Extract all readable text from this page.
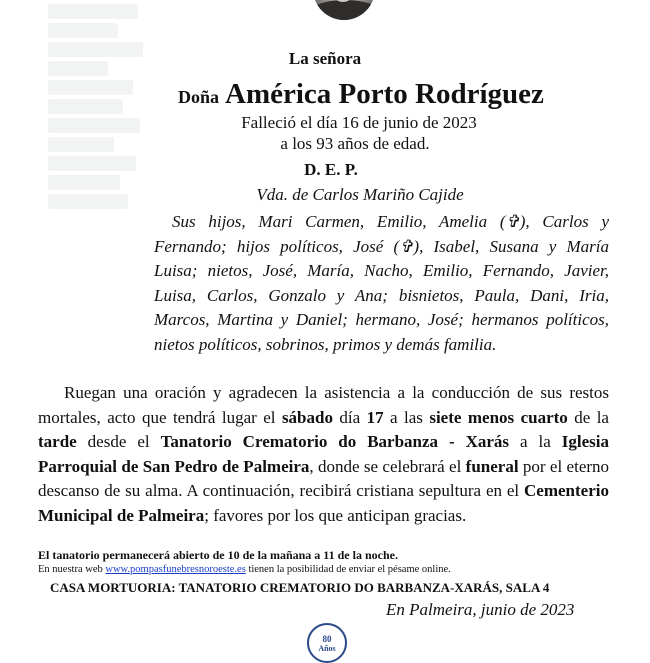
La señora
Doña América Porto Rodríguez
Falleció el día 16 de junio de 2023
a los 93 años de edad.
D. E. P.
Vda. de Carlos Mariño Cajide
Sus hijos, Mari Carmen, Emilio, Amelia (✞), Carlos y Fernando; hijos políticos, José (✞), Isabel, Susana y María Luisa; nietos, José, María, Nacho, Emilio, Fernando, Javier, Luisa, Carlos, Gonzalo y Ana; bisnietos, Paula, Dani, Iria, Marcos, Martina y Daniel; hermano, José; hermanos políticos, nietos políticos, sobrinos, primos y demás familia.
Ruegan una oración y agradecen la asistencia a la conducción de sus restos mortales, acto que tendrá lugar el sábado día 17 a las siete menos cuarto de la tarde desde el Tanatorio Crematorio do Barbanza - Xarás a la Iglesia Parroquial de San Pedro de Palmeira, donde se celebrará el funeral por el eterno descanso de su alma. A continuación, recibirá cristiana sepultura en el Cementerio Municipal de Palmeira; favores por los que anticipan gracias.
El tanatorio permanecerá abierto de 10 de la mañana a 11 de la noche.
En nuestra web www.pompasfunebresnoroeste.es tienen la posibilidad de enviar el pésame online.
CASA MORTUORIA: TANATORIO CREMATORIO DO BARBANZA-XARÁS, SALA 4
En Palmeira, junio de 2023
80
Años
